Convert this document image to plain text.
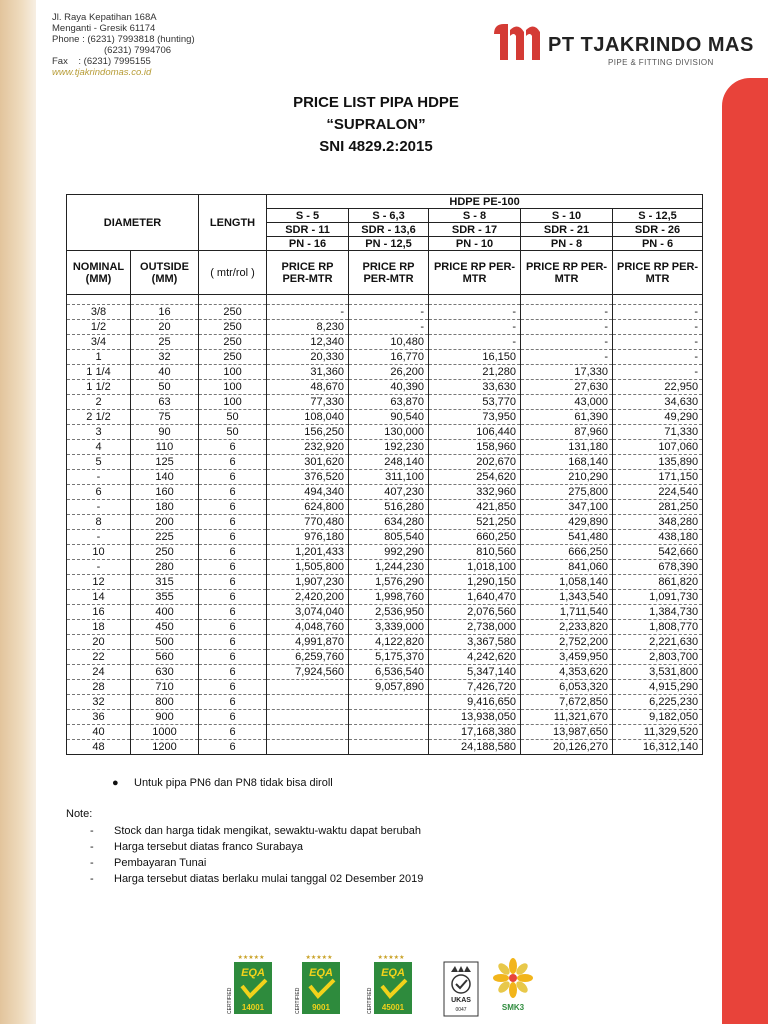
Jl. Raya Kepatihan 168A
Menganti - Gresik 61174
Phone : (6231) 7993818 (hunting)
(6231) 7994706
Fax    : (6231) 7995155
www.tjakrindomas.co.id
PT TJAKRINDO MAS
PIPE & FITTING DIVISION
PRICE LIST PIPA HDPE
“SUPRALON”
SNI 4829.2:2015
DIAMETER		LENGTH	HDPE PE-100				
			S - 5	S - 6,3	S - 8	S - 10	S - 12,5
			SDR - 11	SDR - 13,6	SDR - 17	SDR - 21	SDR - 26
			PN - 16	PN - 12,5	PN - 10	PN - 8	PN - 6
NOMINAL (MM)	OUTSIDE (MM)	( mtr/rol )	PRICE RP PER-MTR	PRICE RP PER-MTR	PRICE RP PER-MTR	PRICE RP PER-MTR	PRICE RP PER-MTR

3/8	16	250	-	-	-	-	-
1/2	20	250	8,230	-	-	-	-
3/4	25	250	12,340	10,480	-	-	-
1	32	250	20,330	16,770	16,150	-	-
1 1/4	40	100	31,360	26,200	21,280	17,330	-
1 1/2	50	100	48,670	40,390	33,630	27,630	22,950
2	63	100	77,330	63,870	53,770	43,000	34,630
2 1/2	75	50	108,040	90,540	73,950	61,390	49,290
3	90	50	156,250	130,000	106,440	87,960	71,330
4	110	6	232,920	192,230	158,960	131,180	107,060
5	125	6	301,620	248,140	202,670	168,140	135,890
-	140	6	376,520	311,100	254,620	210,290	171,150
6	160	6	494,340	407,230	332,960	275,800	224,540
-	180	6	624,800	516,280	421,850	347,100	281,250
8	200	6	770,480	634,280	521,250	429,890	348,280
-	225	6	976,180	805,540	660,250	541,480	438,180
10	250	6	1,201,433	992,290	810,560	666,250	542,660
-	280	6	1,505,800	1,244,230	1,018,100	841,060	678,390
12	315	6	1,907,230	1,576,290	1,290,150	1,058,140	861,820
14	355	6	2,420,200	1,998,760	1,640,470	1,343,540	1,091,730
16	400	6	3,074,040	2,536,950	2,076,560	1,711,540	1,384,730
18	450	6	4,048,760	3,339,000	2,738,000	2,233,820	1,808,770
20	500	6	4,991,870	4,122,820	3,367,580	2,752,200	2,221,630
22	560	6	6,259,760	5,175,370	4,242,620	3,459,950	2,803,700
24	630	6	7,924,560	6,536,540	5,347,140	4,353,620	3,531,800
28	710	6		9,057,890	7,426,720	6,053,320	4,915,290
32	800	6			9,416,650	7,672,850	6,225,230
36	900	6			13,938,050	11,321,670	9,182,050
40	1000	6			17,168,380	13,987,650	11,329,520
48	1200	6			24,188,580	20,126,270	16,312,140
● Untuk pipa PN6 dan PN8 tidak bisa diroll
Note:
- Stock dan harga tidak mengikat, sewaktu-waktu dapat berubah
- Harga tersebut diatas franco Surabaya
- Pembayaran Tunai
- Harga tersebut diatas berlaku mulai tanggal 02 Desember 2019
★★★★★
EQA
14001
CERTIFIED
★★★★★
EQA
9001
CERTIFIED
★★★★★
EQA
45001
CERTIFIED	UKAS
0047	SMK3
